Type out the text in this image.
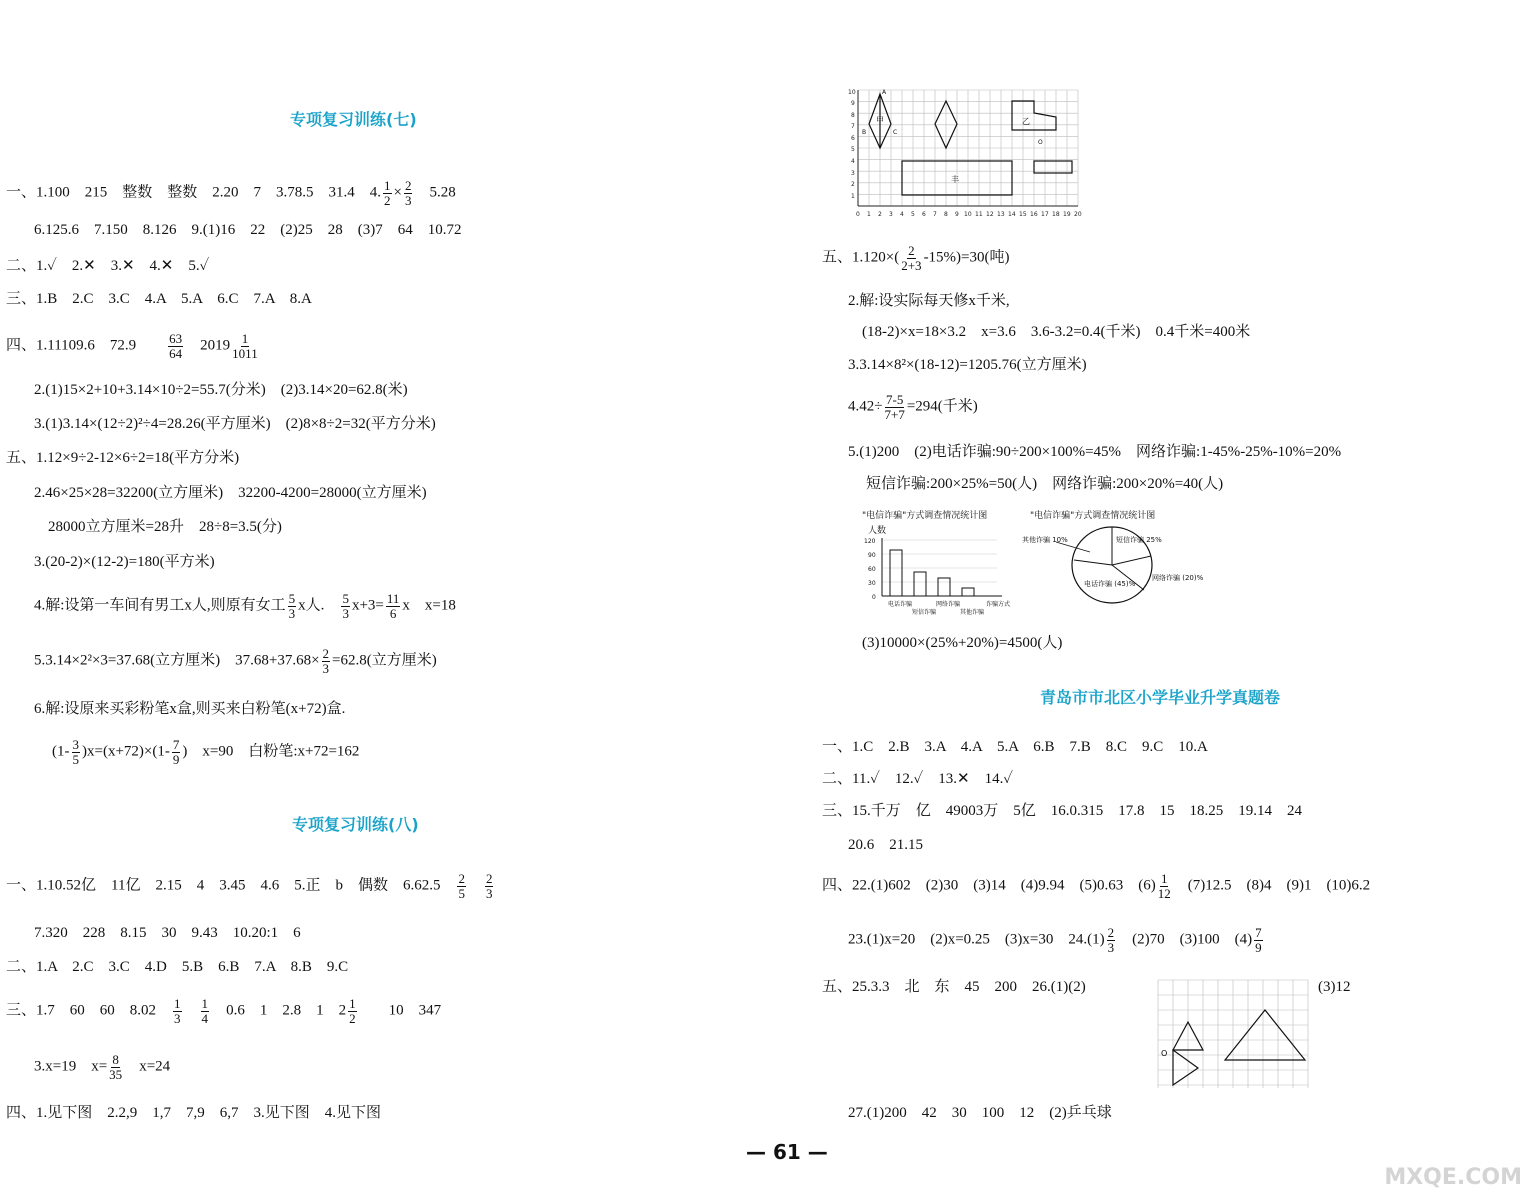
专项复习训练(七)
一、1.100　215　整数　整数　2.20　7　3.78.5　31.4　4. $\frac{1}{2} \times \frac{2}{3}$
　 5.28
6.125.6　7.150　8.126　9.(1)16　22　(2)25　28　(3)7　64　10.72
二、1.✓　2.✕　3.✕　4.✕　5.✓
三、1.B　2.C　3.C　4.A　5.A　6.C　7.A　8.A
四、1.11109.6　72.9　　 $\frac{63}{64}$
　 $2019 \frac{1}{1011}$
2.(1)15×2+10+3.14×10÷2=55.7(分米)　(2)3.14×20=62.8(米)
3.(1)3.14×(12÷2)²÷4=28.26(平方厘米)　(2)8×8÷2=32(平方分米)
五、1.12×9÷2-12×6÷2=18(平方分米)
2.46×25×28=32200(立方厘米)　32200-4200=28000(立方厘米)
28000立方厘米=28升　28÷8=3.5(分)
3.(20-2)×(12-2)=180(平方米)
4.解:设第一车间有男工x人,则原有女工 $\frac{5}{3}$ x人.　 $\frac{5}{3} x+3= \frac{11}{6}$ x　x=18
5.3.14×2²×3=37.68(立方厘米)　$37.68+37.68\times \frac{2}{3} =62.8$(立方厘米)
6.解:设原来买彩粉笔x盒,则买来白粉笔(x+72)盒.
$(1- \frac{3}{5} )x=(x+72)\times(1- \frac{7}{9}$ )　x=90　白粉笔:x+72=162
专项复习训练(八)
一、1.10.52亿　11亿　2.15　4　3.45　4.6　5.正　b　偶数　6.62.5　 $\frac{2}{5}$
　 $\frac{2}{3}$
7.320　228　8.15　30　9.43　10.20:1　6
二、1.A　2.C　3.C　4.D　5.B　6.B　7.A　8.B　9.C
三、1.7　60　60　8.02　 $\frac{1}{3}$
　 $\frac{1}{4}$
　 0.6　1　2.8　1　$2 \frac{1}{2}$
　　 10　347
3.x=19　$x= \frac{8}{35}$
　 x=24
四、1.见下图　2.2,9　1,7　7,9　6,7　3.见下图　4.见下图
0 1 2 3 4 5 6 7 8 9 10 11 12 13 14 15 16 17 18 19 20
10
9
8
7
6
5
4
3
2
1
甲	乙
丰
A
B	C
O
五、$1.120\times( \frac{2}{2+3} -15\%)=30$(吨)
2.解:设实际每天修x千米,
(18-2)×x=18×3.2　x=3.6　3.6-3.2=0.4(千米)　0.4千米=400米
3.3.14×8²×(18-12)=1205.76(立方厘米)
$4.42\div \frac{7-5}{7+7} =294$(千米)
5.(1)200　(2)电话诈骗:90÷200×100%=45%　网络诈骗:1-45%-25%-10%=20%
短信诈骗:200×25%=50(人)　网络诈骗:200×20%=40(人)
"电信诈骗"方式调查情况统计图
人数
120
90
60
30
0
电话诈骗
短信诈骗
网络诈骗
其他诈骗
诈骗方式
"电信诈骗"方式调查情况统计图
短信诈骗 25%
其他诈骗 10%
电话诈骗 (45)%
网络诈骗 (20)%
(3)10000×(25%+20%)=4500(人)
青岛市市北区小学毕业升学真题卷
一、1.C　2.B　3.A　4.A　5.A　6.B　7.B　8.C　9.C　10.A
二、11.✓　12.✓　13.✕　14.✓
三、15.千万　亿　49003万　5亿　16.0.315　17.8　15　18.25　19.14　24
20.6　21.15
四、22.(1)602　(2)30　(3)14　(4)9.94　(5)0.63　$(6) \frac{1}{12}$
　 (7)12.5　(8)4　(9)1　(10)6.2
23.(1)x=20　(2)x=0.25　(3)x=30　$24.(1) \frac{2}{3}$
　 (2)70　(3)100　$(4) \frac{7}{9}$
五、25.3.3　北　东　45　200　26.(1)(2)	(3)12
O
27.(1)200　42　30　100　12　(2)乒乓球
— 61 —
MXQE.COM
